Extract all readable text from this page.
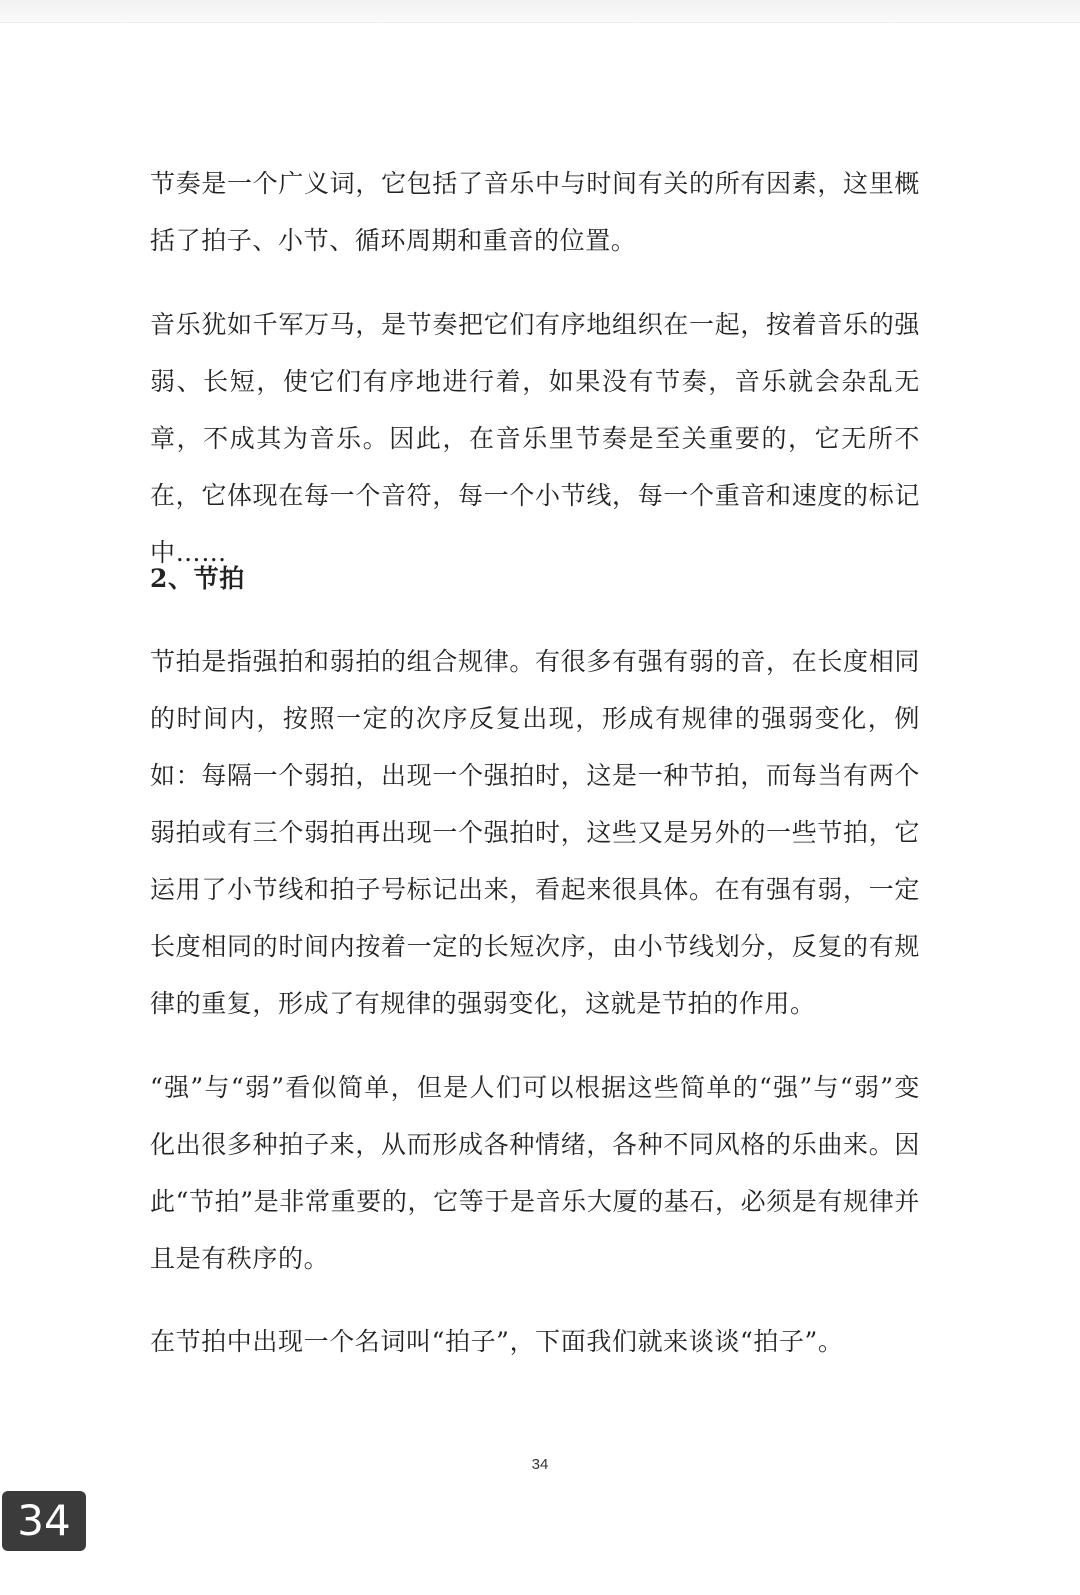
节奏是一个广义词，它包括了音乐中与时间有关的所有因素，这里概括了拍子、小节、循环周期和重音的位置。

音乐犹如千军万马，是节奏把它们有序地组织在一起，按着音乐的强弱、长短，使它们有序地进行着，如果没有节奏，音乐就会杂乱无章，不成其为音乐。因此，在音乐里节奏是至关重要的，它无所不在，它体现在每一个音符，每一个小节线，每一个重音和速度的标记中……

2、节拍

节拍是指强拍和弱拍的组合规律。有很多有强有弱的音，在长度相同的时间内，按照一定的次序反复出现，形成有规律的强弱变化，例如：每隔一个弱拍，出现一个强拍时，这是一种节拍，而每当有两个弱拍或有三个弱拍再出现一个强拍时，这些又是另外的一些节拍，它运用了小节线和拍子号标记出来，看起来很具体。在有强有弱，一定长度相同的时间内按着一定的长短次序，由小节线划分，反复的有规律的重复，形成了有规律的强弱变化，这就是节拍的作用。

“强”与“弱”看似简单，但是人们可以根据这些简单的“强”与“弱”变化出很多种拍子来，从而形成各种情绪，各种不同风格的乐曲来。因此“节拍”是非常重要的，它等于是音乐大厦的基石，必须是有规律并且是有秩序的。

在节拍中出现一个名词叫“拍子”，下面我们就来谈谈“拍子”。

34
34
